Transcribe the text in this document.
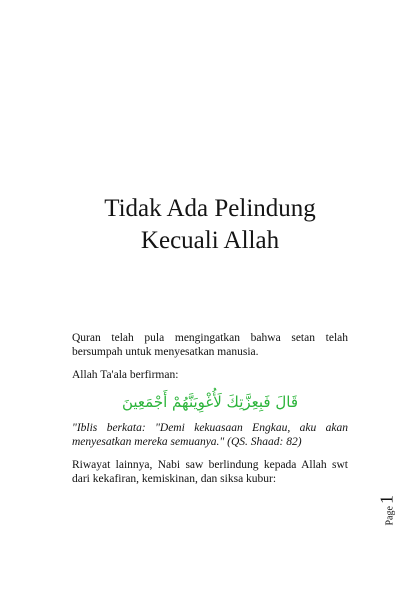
Tidak Ada Pelindung
Kecuali Allah

Quran telah pula mengingatkan bahwa setan telah bersumpah untuk menyesatkan manusia.

Allah Ta'ala berfirman:

قَالَ فَبِعِزَّتِكَ لَأُغْوِيَنَّهُمْ أَجْمَعِينَ

"Iblis berkata: "Demi kekuasaan Engkau, aku akan menyesatkan mereka semuanya." (QS. Shaad: 82)

Riwayat lainnya, Nabi saw berlindung kepada Allah swt dari kekafiran, kemiskinan, dan siksa kubur:

Page1
